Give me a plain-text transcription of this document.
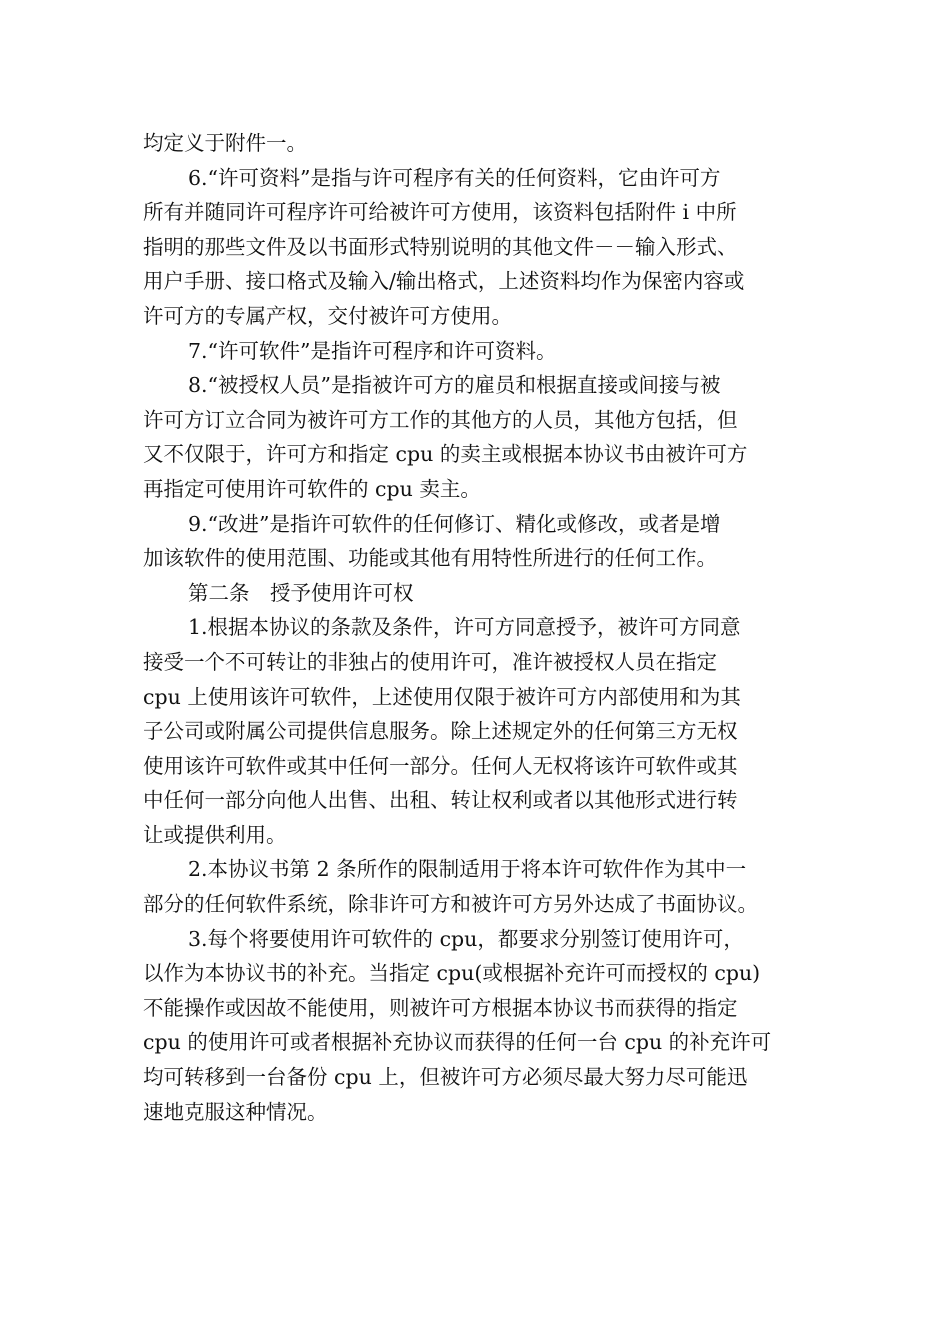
均定义于附件一。
6.“许可资料”是指与许可程序有关的任何资料，它由许可方
所有并随同许可程序许可给被许可方使用，该资料包括附件 i 中所
指明的那些文件及以书面形式特别说明的其他文件－－输入形式、
用户手册、接口格式及输入/输出格式，上述资料均作为保密内容或
许可方的专属产权，交付被许可方使用。
7.“许可软件”是指许可程序和许可资料。
8.“被授权人员”是指被许可方的雇员和根据直接或间接与被
许可方订立合同为被许可方工作的其他方的人员，其他方包括，但
又不仅限于，许可方和指定 cpu 的卖主或根据本协议书由被许可方
再指定可使用许可软件的 cpu 卖主。
9.“改进”是指许可软件的任何修订、精化或修改，或者是增
加该软件的使用范围、功能或其他有用特性所进行的任何工作。
第二条　授予使用许可权
1.根据本协议的条款及条件，许可方同意授予，被许可方同意
接受一个不可转让的非独占的使用许可，准许被授权人员在指定
cpu 上使用该许可软件，上述使用仅限于被许可方内部使用和为其
子公司或附属公司提供信息服务。除上述规定外的任何第三方无权
使用该许可软件或其中任何一部分。任何人无权将该许可软件或其
中任何一部分向他人出售、出租、转让权利或者以其他形式进行转
让或提供利用。
2.本协议书第 2 条所作的限制适用于将本许可软件作为其中一
部分的任何软件系统，除非许可方和被许可方另外达成了书面协议。
3.每个将要使用许可软件的 cpu，都要求分别签订使用许可，
以作为本协议书的补充。当指定 cpu(或根据补充许可而授权的 cpu)
不能操作或因故不能使用，则被许可方根据本协议书而获得的指定
cpu 的使用许可或者根据补充协议而获得的任何一台 cpu 的补充许可
均可转移到一台备份 cpu 上，但被许可方必须尽最大努力尽可能迅
速地克服这种情况。
